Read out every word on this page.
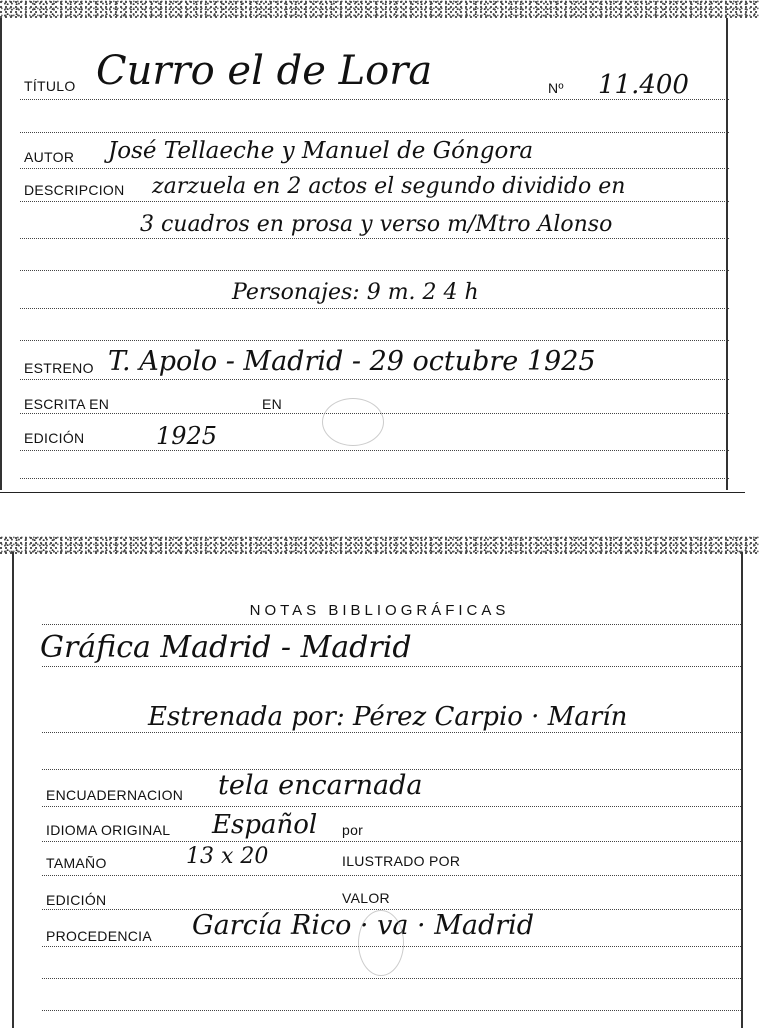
TÍTULO Curro el de Lora	Nº 11.400
AUTOR José Tellaeche y Manuel de Góngora
DESCRIPCION zarzuela en 2 actos el segundo dividido en
3 cuadros en prosa y verso m/Mtro Alonso
Personajes: 9 m. 2 4 h
ESTRENO T. Apolo - Madrid - 29 octubre 1925
ESCRITA EN	EN
EDICIÓN	1925
NOTAS BIBLIOGRÁFICAS
Gráfica Madrid - Madrid
Estrenada por: Pérez Carpio · Marín
ENCUADERNACION tela encarnada
IDIOMA ORIGINAL Español por
TAMAÑO	13 x 20	ILUSTRADO POR
EDICIÓN	VALOR
PROCEDENCIA García Rico · va · Madrid
